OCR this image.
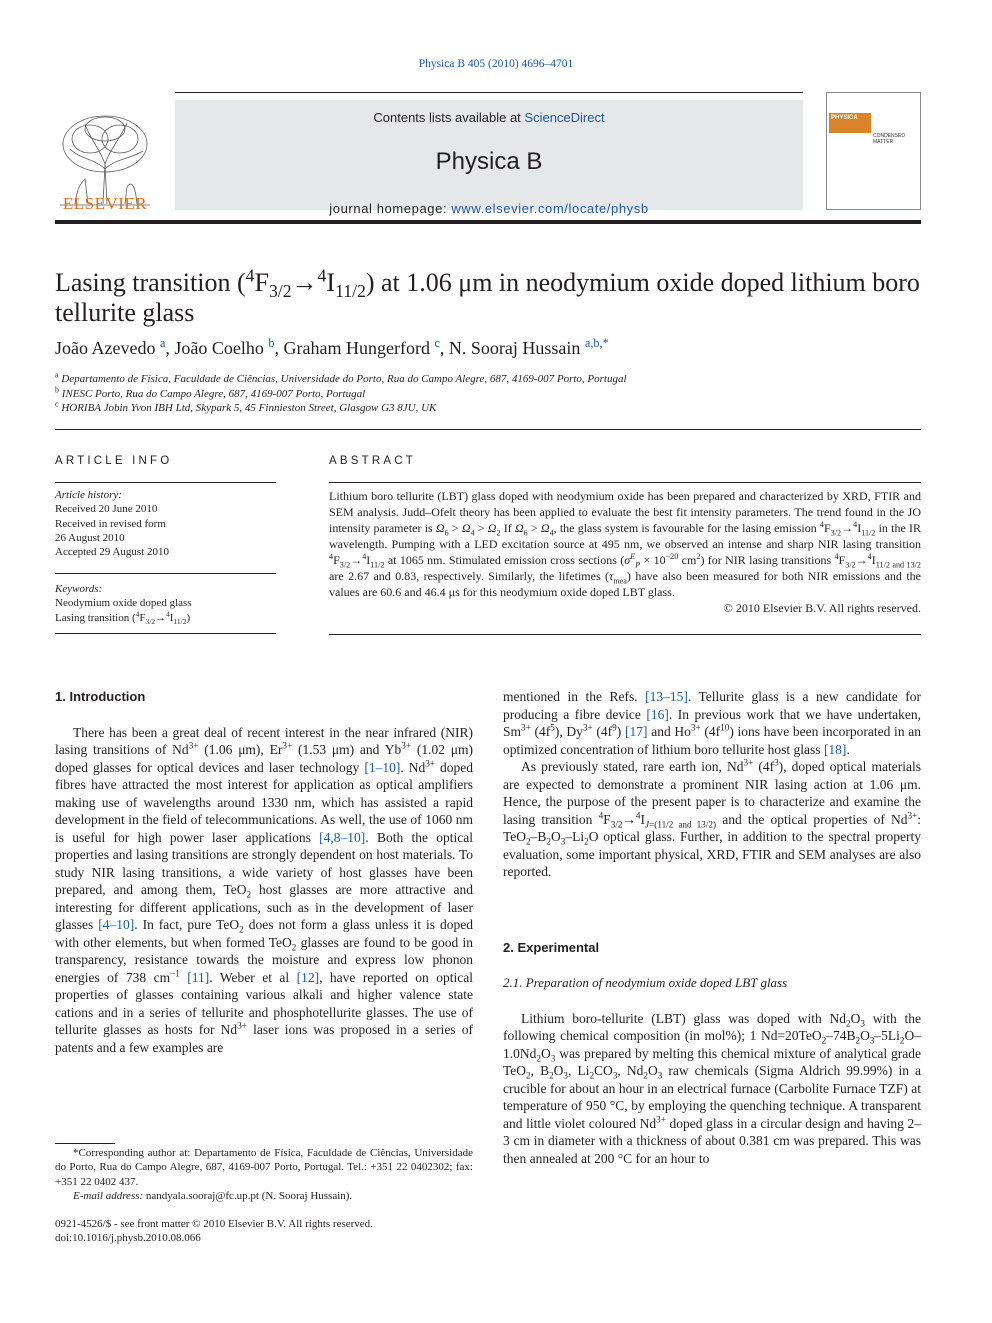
Physica B 405 (2010) 4696–4701
ELSEVIER
Contents lists available at ScienceDirect
Physica B
journal homepage: www.elsevier.com/locate/physb
PHYSICA
CONDENSED MATTER
Lasing transition $(^4F_{3/2}\to^4I_{11/2})$ at 1.06 μm in neodymium oxide doped lithium boro tellurite glass
João Azevedo $^a$, João Coelho $^b$, Graham Hungerford $^c$, N. Sooraj Hussain $^{a,b,*}$
$^a$ Departamento de Física, Faculdade de Ciências, Universidade do Porto, Rua do Campo Alegre, 687, 4169-007 Porto, Portugal
$^b$ INESC Porto, Rua do Campo Alegre, 687, 4169-007 Porto, Portugal
$^c$ HORIBA Jobin Yvon IBH Ltd, Skypark 5, 45 Finnieston Street, Glasgow G3 8JU, UK
ARTICLE INFO
Article history:
Received 20 June 2010
Received in revised form
26 August 2010
Accepted 29 August 2010
Keywords:
Neodymium oxide doped glass
Lasing transition $(^4F_{3/2}\to^4I_{11/2})$
ABSTRACT
Lithium boro tellurite (LBT) glass doped with neodymium oxide has been prepared and characterized by XRD, FTIR and SEM analysis. Judd–Ofelt theory has been applied to evaluate the best fit intensity parameters. The trend found in the JO intensity parameter is $\Omega_6 > \Omega_4 > \Omega_2$ If $\Omega_6 > \Omega_4$, the glass system is favourable for the lasing emission $^4F_{3/2}\to^4I_{11/2}$ in the IR wavelength. Pumping with a LED excitation source at 495 nm, we observed an intense and sharp NIR lasing transition $^4F_{3/2}\to^4I_{11/2}$ at 1065 nm. Stimulated emission cross sections ($\sigma^E_P \times 10^{-20}$ $cm^2$) for NIR lasing transitions $^4F_{3/2}\to^4I_{11/2 and 13/2}$ are 2.67 and 0.83, respectively. Similarly, the lifetimes $(\tau_{mea})$ have also been measured for both NIR emissions and the values are 60.6 and 46.4 μs for this neodymium oxide doped LBT glass.
© 2010 Elsevier B.V. All rights reserved.
1. Introduction

There has been a great deal of recent interest in the near infrared (NIR) lasing transitions of $Nd^{3+}$ (1.06 μm), $Er^{3+}$ (1.53 μm) and $Yb^{3+}$ (1.02 μm) doped glasses for optical devices and laser technology [1–10]. $Nd^{3+}$ doped fibres have attracted the most interest for application as optical amplifiers making use of wavelengths around 1330 nm, which has assisted a rapid development in the field of telecommunications. As well, the use of 1060 nm is useful for high power laser applications [4,8–10]. Both the optical properties and lasing transitions are strongly dependent on host materials. To study NIR lasing transitions, a wide variety of host glasses have been prepared, and among them, TeO$_2$ host glasses are more attractive and interesting for different applications, such as in the development of laser glasses [4–10]. In fact, pure TeO$_2$ does not form a glass unless it is doped with other elements, but when formed TeO$_2$ glasses are found to be good in transparency, resistance towards the moisture and express low phonon energies of 738 $cm^{-1}$ [11]. Weber et al [12], have reported on optical properties of glasses containing various alkali and higher valence state cations and in a series of tellurite and phosphotellurite glasses. The use of tellurite glasses as hosts for $Nd^{3+}$ laser ions was proposed in a series of patents and a few examples are

mentioned in the Refs. [13–15]. Tellurite glass is a new candidate for producing a fibre device [16]. In previous work that we have undertaken, $Sm^{3+}$ $(4f^5)$, $Dy^{3+}$ $(4f^9)$ [17] and $Ho^{3+}$ $(4f^{10})$ ions have been incorporated in an optimized concentration of lithium boro tellurite host glass [18].

As previously stated, rare earth ion, $Nd^{3+}$ $(4f^3)$, doped optical materials are expected to demonstrate a prominent NIR lasing action at 1.06 μm. Hence, the purpose of the present paper is to characterize and examine the lasing transition $^4F_{3/2}\to^4I_{J=(11/2 and 13/2)}$ and the optical properties of $Nd^{3+}$: $TeO_2-B_2O_3-Li_2O$ optical glass. Further, in addition to the spectral property evaluation, some important physical, XRD, FTIR and SEM analyses are also reported.

2. Experimental
2.1. Preparation of neodymium oxide doped LBT glass

Lithium boro-tellurite (LBT) glass was doped with $Nd_2O_3$ with the following chemical composition (in mol%); 1 $Nd=20TeO_2-74B_2O_3-5Li_2O-1.0Nd_2O_3$ was prepared by melting this chemical mixture of analytical grade TeO$_2$, $B_2O_3$, $Li_2CO_3$, $Nd_2O_3$ raw chemicals (Sigma Aldrich 99.99%) in a crucible for about an hour in an electrical furnace (Carbolite Furnace TZF) at temperature of 950 °C, by employing the quenching technique. A transparent and little violet coloured $Nd^{3+}$ doped glass in a circular design and having 2–3 cm in diameter with a thickness of about 0.381 cm was prepared. This was then annealed at 200 °C for an hour to

*Corresponding author at: Departamento de Física, Faculdade de Ciências, Universidade do Porto, Rua do Campo Alegre, 687, 4169-007 Porto, Portugal. Tel.: +351 22 0402302; fax: +351 22 0402 437.
E-mail address: nandyala.sooraj@fc.up.pt (N. Sooraj Hussain).
0921-4526/$ - see front matter © 2010 Elsevier B.V. All rights reserved.
doi:10.1016/j.physb.2010.08.066
